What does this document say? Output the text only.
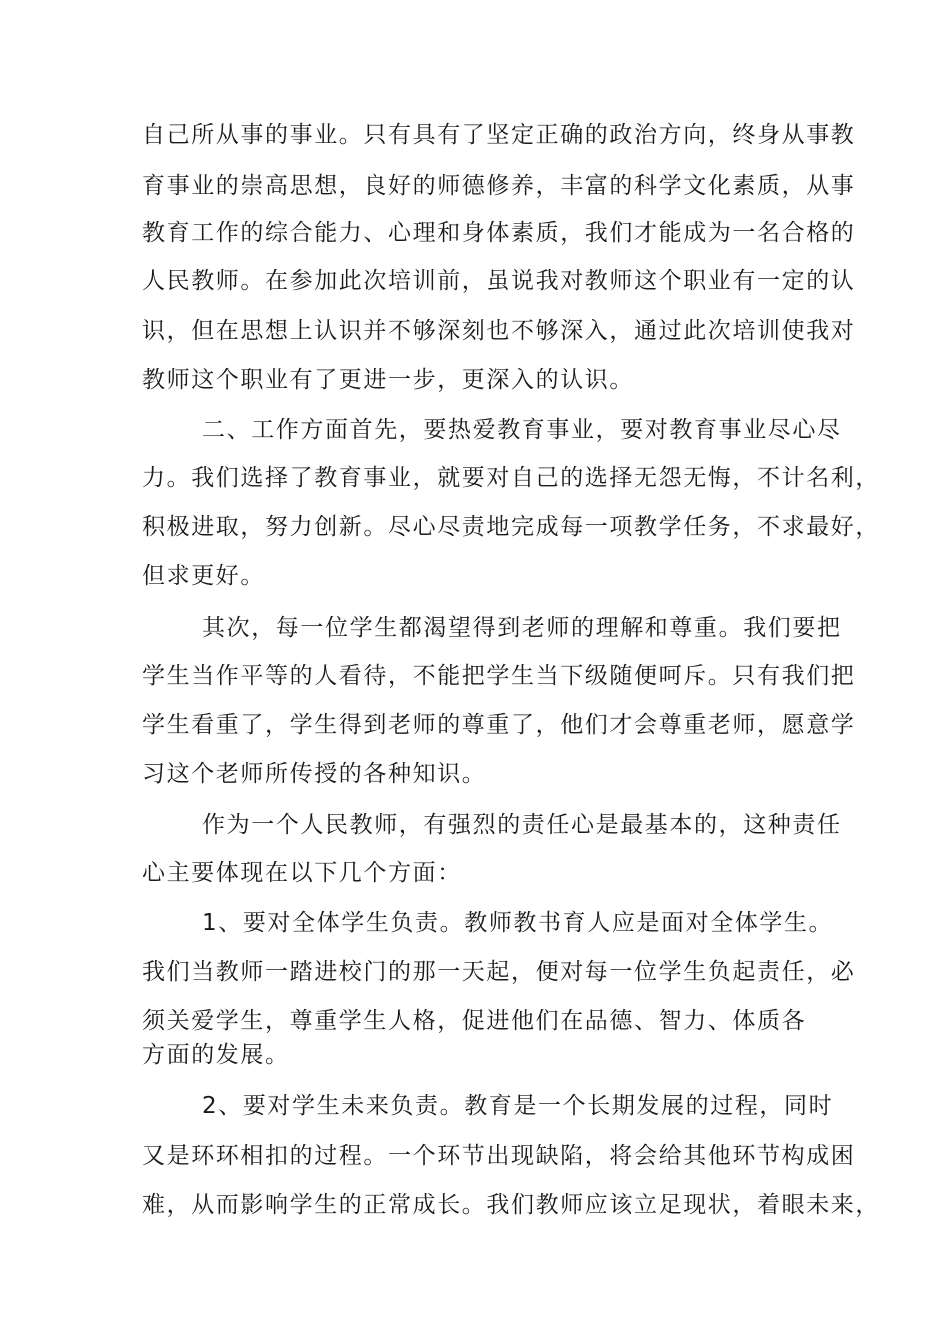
自己所从事的事业。只有具有了坚定正确的政治方向，终身从事教
育事业的崇高思想，良好的师德修养，丰富的科学文化素质，从事
教育工作的综合能力、心理和身体素质，我们才能成为一名合格的
人民教师。在参加此次培训前，虽说我对教师这个职业有一定的认
识，但在思想上认识并不够深刻也不够深入，通过此次培训使我对
教师这个职业有了更进一步，更深入的认识。
二、工作方面首先，要热爱教育事业，要对教育事业尽心尽
力。我们选择了教育事业，就要对自己的选择无怨无悔，不计名利，
积极进取，努力创新。尽心尽责地完成每一项教学任务，不求最好，
但求更好。
其次，每一位学生都渴望得到老师的理解和尊重。我们要把
学生当作平等的人看待，不能把学生当下级随便呵斥。只有我们把
学生看重了，学生得到老师的尊重了，他们才会尊重老师，愿意学
习这个老师所传授的各种知识。
作为一个人民教师，有强烈的责任心是最基本的，这种责任
心主要体现在以下几个方面：
1、要对全体学生负责。教师教书育人应是面对全体学生。
我们当教师一踏进校门的那一天起，便对每一位学生负起责任，必
须关爱学生，尊重学生人格，促进他们在品德、智力、体质各
方面的发展。
2、要对学生未来负责。教育是一个长期发展的过程，同时
又是环环相扣的过程。一个环节出现缺陷，将会给其他环节构成困
难，从而影响学生的正常成长。我们教师应该立足现状，着眼未来，
